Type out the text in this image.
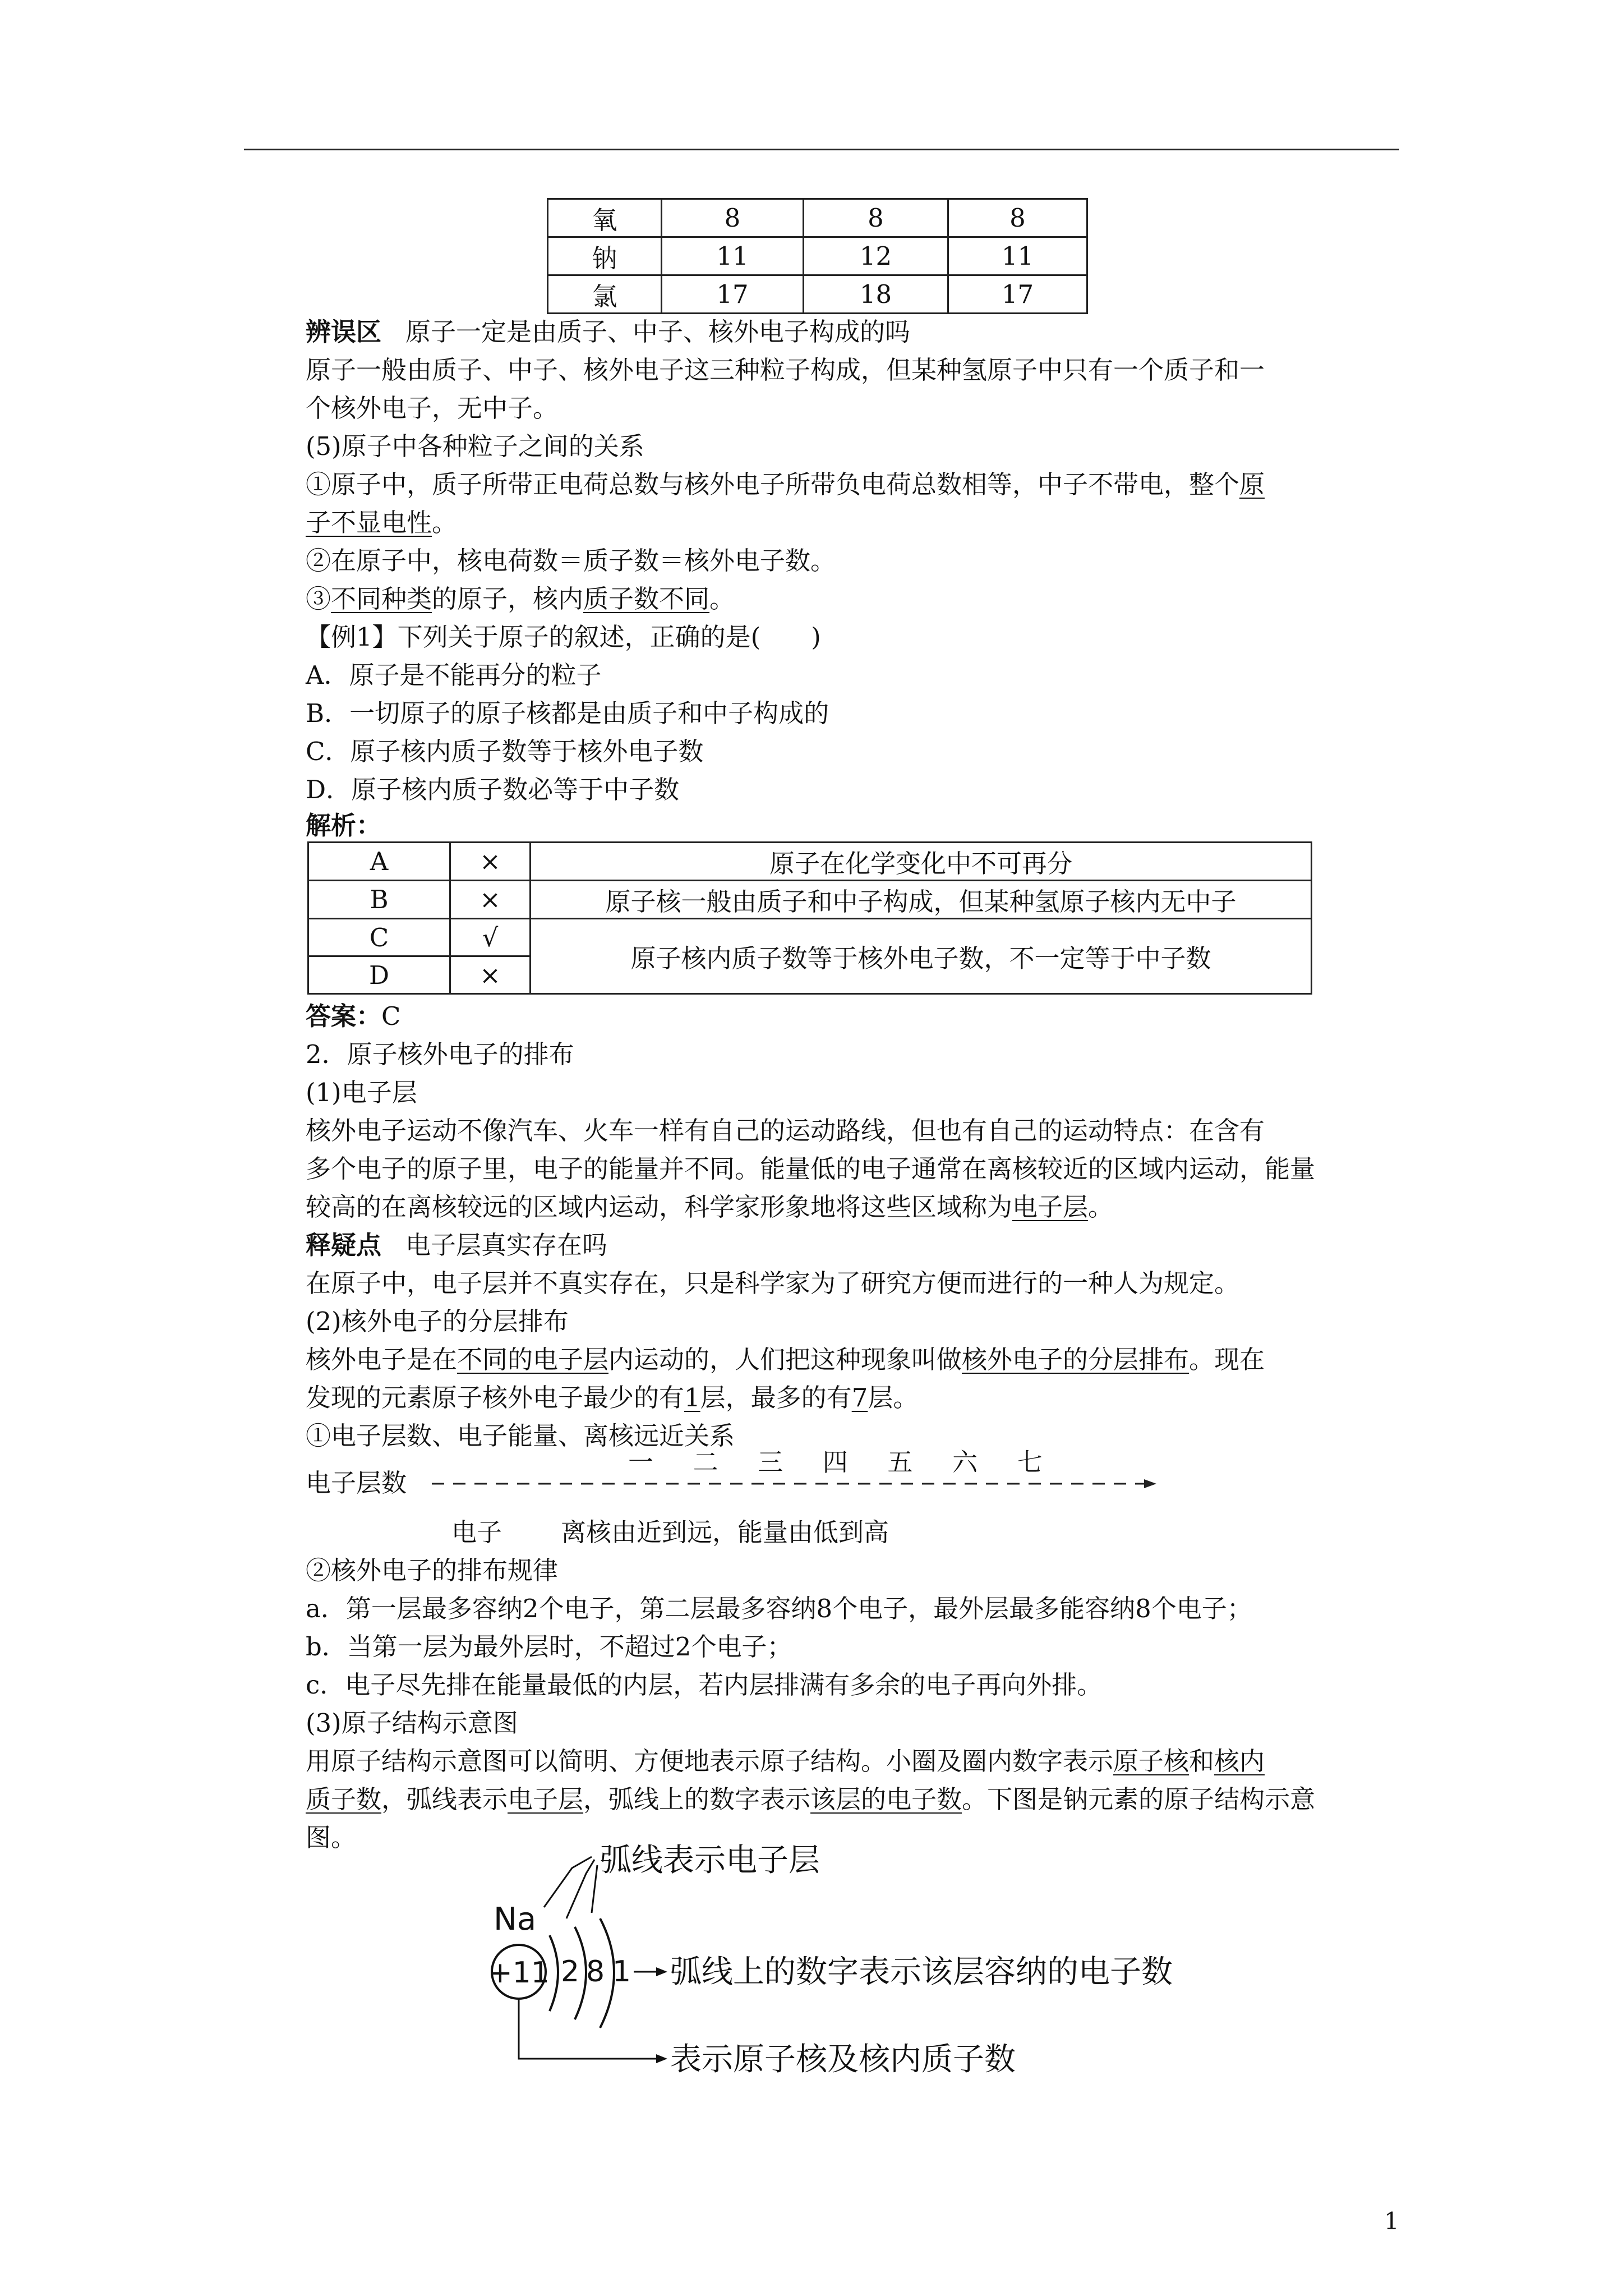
氧	8	8	8
钠	11	12	11
氯	17	18	17
辨误区 原子一定是由质子、中子、核外电子构成的吗
原子一般由质子、中子、核外电子这三种粒子构成，但某种氢原子中只有一个质子和一
个核外电子，无中子。
(5)原子中各种粒子之间的关系
①原子中，质子所带正电荷总数与核外电子所带负电荷总数相等，中子不带电，整个原
子不显电性。
②在原子中，核电荷数＝质子数＝核外电子数。
③不同种类的原子，核内质子数不同。
【例1】下列关于原子的叙述，正确的是(　　)
A．原子是不能再分的粒子
B．一切原子的原子核都是由质子和中子构成的
C．原子核内质子数等于核外电子数
D．原子核内质子数必等于中子数
解析：
A	×	原子在化学变化中不可再分
B	×	原子核一般由质子和中子构成，但某种氢原子核内无中子
C	√	原子核内质子数等于核外电子数，不一定等于中子数
D	×	
答案：C
2．原子核外电子的排布
(1)电子层
核外电子运动不像汽车、火车一样有自己的运动路线，但也有自己的运动特点：在含有
多个电子的原子里，电子的能量并不同。能量低的电子通常在离核较近的区域内运动，能量
较高的在离核较远的区域内运动，科学家形象地将这些区域称为电子层。
释疑点 电子层真实存在吗
在原子中，电子层并不真实存在，只是科学家为了研究方便而进行的一种人为规定。
(2)核外电子的分层排布
核外电子是在不同的电子层内运动的，人们把这种现象叫做核外电子的分层排布。现在
发现的元素原子核外电子最少的有1层，最多的有7层。
①电子层数、电子能量、离核远近关系
一 二 三 四 五 六 七
电子层数
电子 离核由近到远，能量由低到高
②核外电子的排布规律
a．第一层最多容纳2个电子，第二层最多容纳8个电子，最外层最多能容纳8个电子；
b．当第一层为最外层时，不超过2个电子；
c．电子尽先排在能量最低的内层，若内层排满有多余的电子再向外排。
(3)原子结构示意图
用原子结构示意图可以简明、方便地表示原子结构。小圈及圈内数字表示原子核和核内
质子数，弧线表示电子层，弧线上的数字表示该层的电子数。下图是钠元素的原子结构示意
图。
Na
+11 2 8 1
弧线表示电子层
弧线上的数字表示该层容纳的电子数
表示原子核及核内质子数
1
